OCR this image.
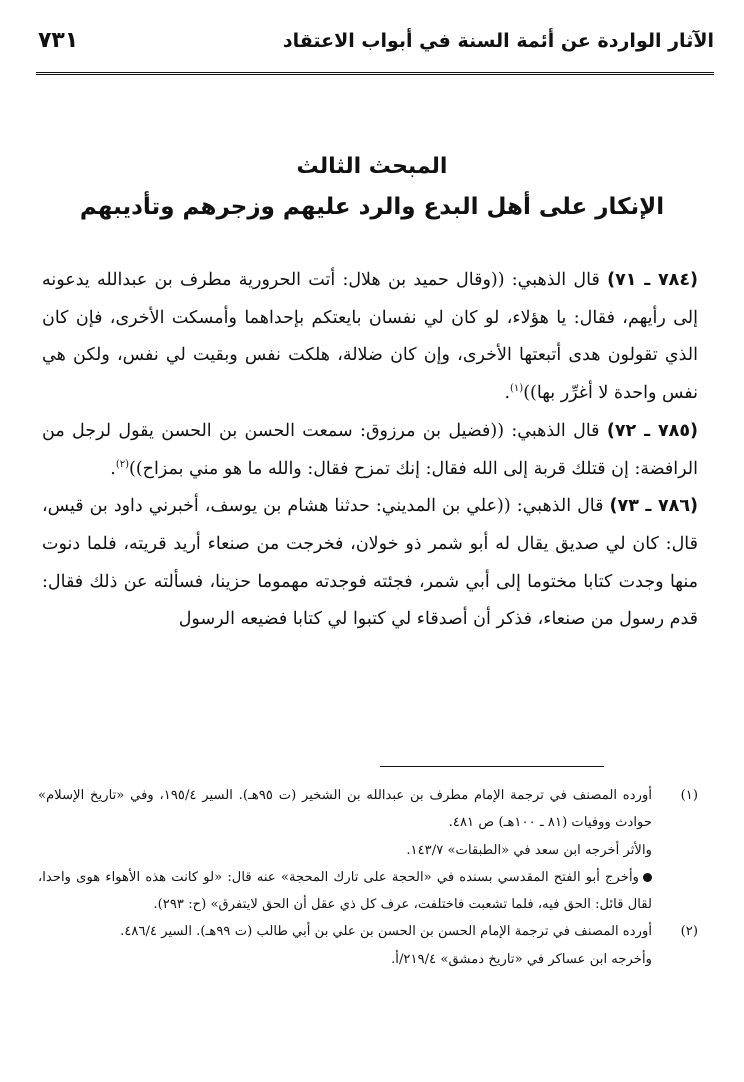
الآثار الواردة عن أئمة السنة في أبواب الاعتقاد
٧٣١
المبحث الثالث
الإنكار على أهل البدع والرد عليهم وزجرهم وتأديبهم

(٧٨٤ ـ ٧١) قال الذهبي: ((وقال حميد بن هلال: أتت الحرورية مطرف بن عبدالله يدعونه إلى رأيهم، فقال: يا هؤلاء، لو كان لي نفسان بايعتكم بإحداهما وأمسكت الأخرى، فإن كان الذي تقولون هدى أتبعتها الأخرى، وإن كان ضلالة، هلكت نفس وبقيت لي نفس، ولكن هي نفس واحدة لا أغرِّر بها))$^{(١)}$.

(٧٨٥ ـ ٧٢) قال الذهبي: ((فضيل بن مرزوق: سمعت الحسن بن الحسن يقول لرجل من الرافضة: إن قتلك قربة إلى الله فقال: إنك تمزح فقال: والله ما هو مني بمزاح))$^{(٢)}$.

(٧٨٦ ـ ٧٣) قال الذهبي: ((علي بن المديني: حدثنا هشام بن يوسف، أخبرني داود بن قيس، قال: كان لي صديق يقال له أبو شمر ذو خولان، فخرجت من صنعاء أريد قريته، فلما دنوت منها وجدت كتابا مختوما إلى أبي شمر، فجئته فوجدته مهموما حزينا، فسألته عن ذلك فقال: قدم رسول من صنعاء، فذكر أن أصدقاء لي كتبوا لي كتابا فضيعه الرسول

(١)
أورده المصنف في ترجمة الإمام مطرف بن عبدالله بن الشخير (ت ٩٥هـ). السير ١٩٥/٤، وفي «تاريخ الإسلام» حوادث ووفيات (٨١ ـ ١٠٠هـ) ص ٤٨١.
والأثر أخرجه ابن سعد في «الطبقات» ١٤٣/٧.
وأخرج أبو الفتح المقدسي بسنده في «الحجة على تارك المحجة» عنه قال: «لو كانت هذه الأهواء هوى واحدا، لقال قائل: الحق فيه، فلما تشعبت فاختلفت، عرف كل ذي عقل أن الحق لايتفرق» (ح: ٢٩٣).
(٢)
أورده المصنف في ترجمة الإمام الحسن بن الحسن بن علي بن أبي طالب (ت ٩٩هـ). السير ٤٨٦/٤.
وأخرجه ابن عساكر في «تاريخ دمشق» ٢١٩/٤/أ.
